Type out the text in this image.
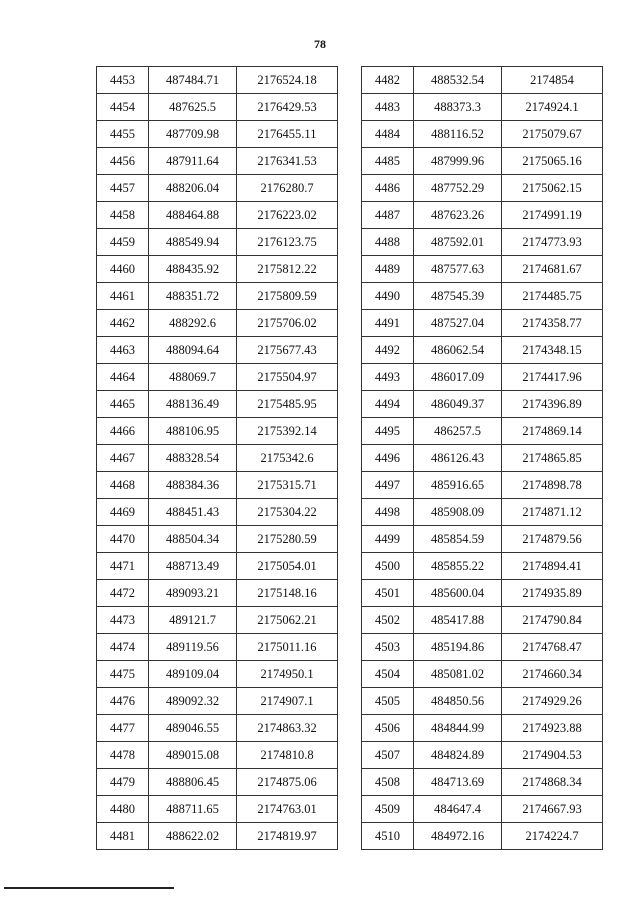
78
4453	487484.71	2176524.18
4454	487625.5	2176429.53
4455	487709.98	2176455.11
4456	487911.64	2176341.53
4457	488206.04	2176280.7
4458	488464.88	2176223.02
4459	488549.94	2176123.75
4460	488435.92	2175812.22
4461	488351.72	2175809.59
4462	488292.6	2175706.02
4463	488094.64	2175677.43
4464	488069.7	2175504.97
4465	488136.49	2175485.95
4466	488106.95	2175392.14
4467	488328.54	2175342.6
4468	488384.36	2175315.71
4469	488451.43	2175304.22
4470	488504.34	2175280.59
4471	488713.49	2175054.01
4472	489093.21	2175148.16
4473	489121.7	2175062.21
4474	489119.56	2175011.16
4475	489109.04	2174950.1
4476	489092.32	2174907.1
4477	489046.55	2174863.32
4478	489015.08	2174810.8
4479	488806.45	2174875.06
4480	488711.65	2174763.01
4481	488622.02	2174819.97
4482	488532.54	2174854
4483	488373.3	2174924.1
4484	488116.52	2175079.67
4485	487999.96	2175065.16
4486	487752.29	2175062.15
4487	487623.26	2174991.19
4488	487592.01	2174773.93
4489	487577.63	2174681.67
4490	487545.39	2174485.75
4491	487527.04	2174358.77
4492	486062.54	2174348.15
4493	486017.09	2174417.96
4494	486049.37	2174396.89
4495	486257.5	2174869.14
4496	486126.43	2174865.85
4497	485916.65	2174898.78
4498	485908.09	2174871.12
4499	485854.59	2174879.56
4500	485855.22	2174894.41
4501	485600.04	2174935.89
4502	485417.88	2174790.84
4503	485194.86	2174768.47
4504	485081.02	2174660.34
4505	484850.56	2174929.26
4506	484844.99	2174923.88
4507	484824.89	2174904.53
4508	484713.69	2174868.34
4509	484647.4	2174667.93
4510	484972.16	2174224.7
